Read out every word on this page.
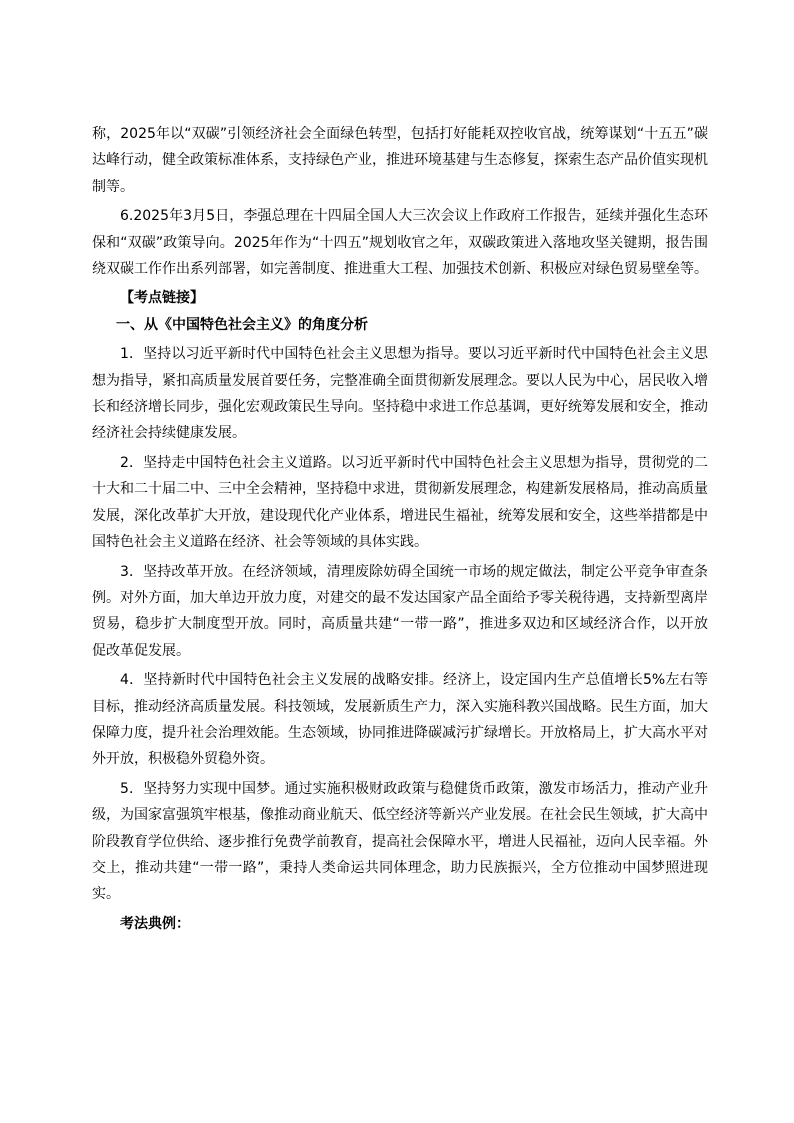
称，2025年以“双碳”引领经济社会全面绿色转型，包括打好能耗双控收官战，统筹谋划“十五五”碳达峰行动，健全政策标准体系，支持绿色产业，推进环境基建与生态修复，探索生态产品价值实现机制等。

6.2025年3月5日，李强总理在十四届全国人大三次会议上作政府工作报告，延续并强化生态环保和“双碳”政策导向。2025年作为“十四五”规划收官之年，双碳政策进入落地攻坚关键期，报告围绕双碳工作作出系列部署，如完善制度、推进重大工程、加强技术创新、积极应对绿色贸易壁垒等。

【考点链接】

一、从《中国特色社会主义》的角度分析

1．坚持以习近平新时代中国特色社会主义思想为指导。要以习近平新时代中国特色社会主义思想为指导，紧扣高质量发展首要任务，完整准确全面贯彻新发展理念。要以人民为中心，居民收入增长和经济增长同步，强化宏观政策民生导向。坚持稳中求进工作总基调，更好统筹发展和安全，推动经济社会持续健康发展。

2．坚持走中国特色社会主义道路。以习近平新时代中国特色社会主义思想为指导，贯彻党的二十大和二十届二中、三中全会精神，坚持稳中求进，贯彻新发展理念，构建新发展格局，推动高质量发展，深化改革扩大开放，建设现代化产业体系，增进民生福祉，统筹发展和安全，这些举措都是中国特色社会主义道路在经济、社会等领域的具体实践。

3．坚持改革开放。在经济领域，清理废除妨碍全国统一市场的规定做法，制定公平竞争审查条例。对外方面，加大单边开放力度，对建交的最不发达国家产品全面给予零关税待遇，支持新型离岸贸易，稳步扩大制度型开放。同时，高质量共建“一带一路”，推进多双边和区域经济合作，以开放促改革促发展。

4．坚持新时代中国特色社会主义发展的战略安排。经济上，设定国内生产总值增长5%左右等目标，推动经济高质量发展。科技领域，发展新质生产力，深入实施科教兴国战略。民生方面，加大保障力度，提升社会治理效能。生态领域，协同推进降碳减污扩绿增长。开放格局上，扩大高水平对外开放，积极稳外贸稳外资。

5．坚持努力实现中国梦。通过实施积极财政政策与稳健货币政策，激发市场活力，推动产业升级，为国家富强筑牢根基，像推动商业航天、低空经济等新兴产业发展。在社会民生领域，扩大高中阶段教育学位供给、逐步推行免费学前教育，提高社会保障水平，增进人民福祉，迈向人民幸福。外交上，推动共建“一带一路”，秉持人类命运共同体理念，助力民族振兴，全方位推动中国梦照进现实。

考法典例：
